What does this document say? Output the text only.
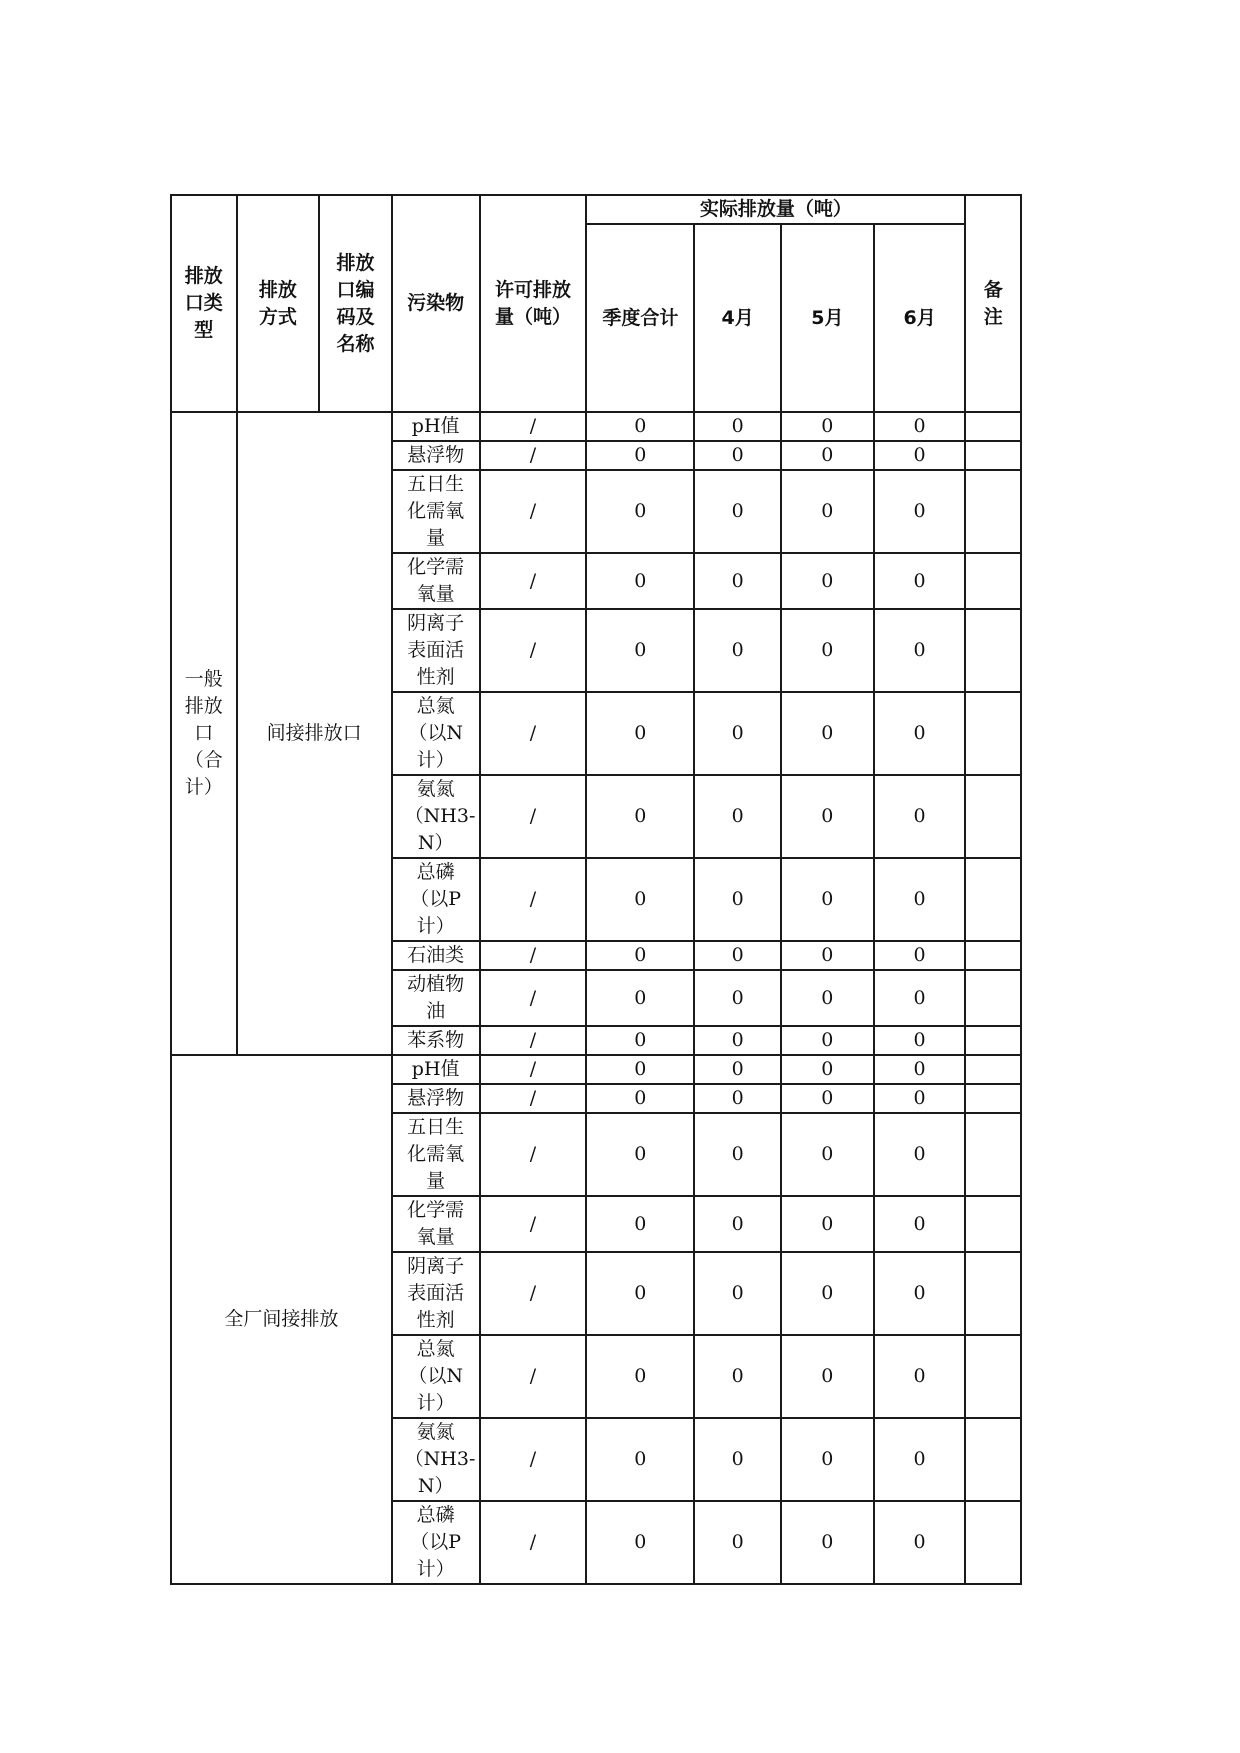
排放口类型	排放方式	排放口编码及名称	污染物	许可排放量（吨）	实际排放量（吨）				备注

					季度合计	4月	5月	6月	

一般排放口（合计）	间接排放口		pH值	/	0	0	0	0	

			悬浮物	/	0	0	0	0	

			五日生化需氧量	/	0	0	0	0	

			化学需氧量	/	0	0	0	0	

			阴离子表面活性剂	/	0	0	0	0	

			总氮（以N计）	/	0	0	0	0	

			氨氮（NH3-N）	/	0	0	0	0	

			总磷（以P计）	/	0	0	0	0	

			石油类	/	0	0	0	0	

			动植物油	/	0	0	0	0	

			苯系物	/	0	0	0	0	
全厂间接排放			pH值	/	0	0	0	0	

			悬浮物	/	0	0	0	0	

			五日生化需氧量	/	0	0	0	0	

			化学需氧量	/	0	0	0	0	

			阴离子表面活性剂	/	0	0	0	0	

			总氮（以N计）	/	0	0	0	0	

			氨氮（NH3-N）	/	0	0	0	0	

			总磷（以P计）	/	0	0	0	0	
